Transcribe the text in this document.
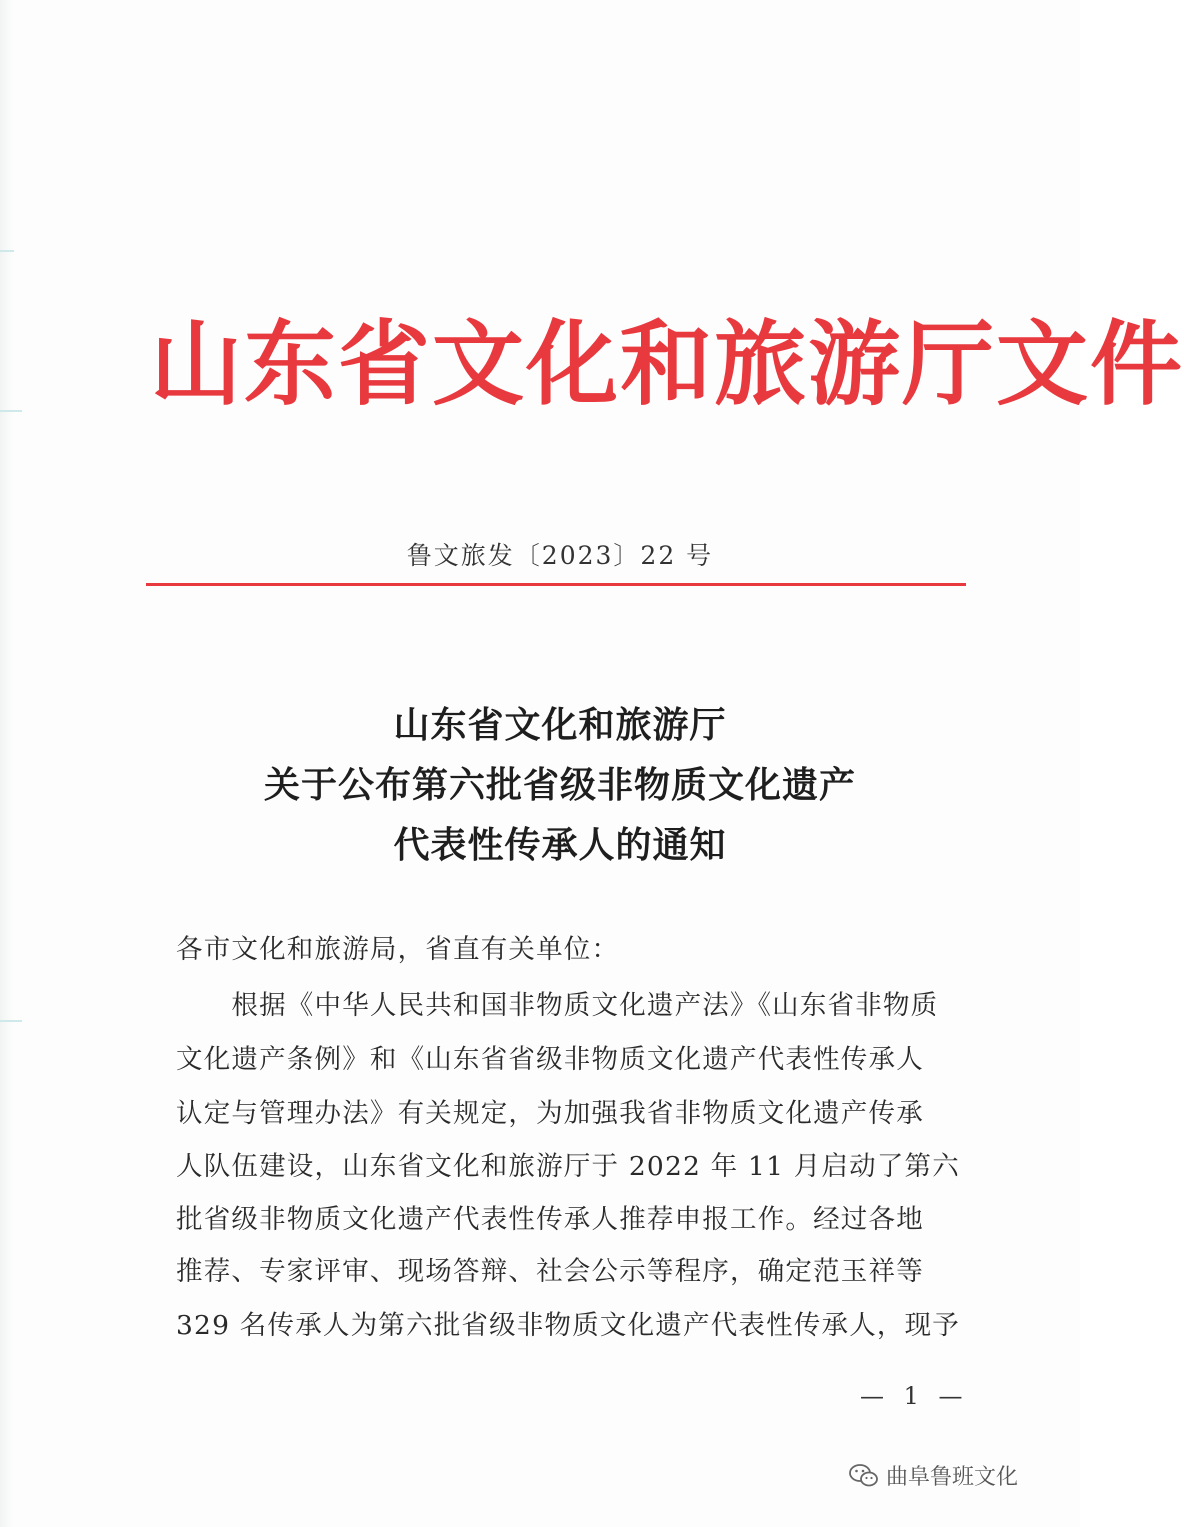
山东省文化和旅游厅文件
鲁文旅发〔2023〕22 号
山东省文化和旅游厅
关于公布第六批省级非物质文化遗产
代表性传承人的通知
各市文化和旅游局，省直有关单位：
　　根据《中华人民共和国非物质文化遗产法》《山东省非物质
文化遗产条例》和《山东省省级非物质文化遗产代表性传承人
认定与管理办法》有关规定，为加强我省非物质文化遗产传承
人队伍建设，山东省文化和旅游厅于 2022 年 11 月启动了第六
批省级非物质文化遗产代表性传承人推荐申报工作。经过各地
推荐、专家评审、现场答辩、社会公示等程序，确定范玉祥等
329 名传承人为第六批省级非物质文化遗产代表性传承人，现予
— 1 —
曲阜鲁班文化
